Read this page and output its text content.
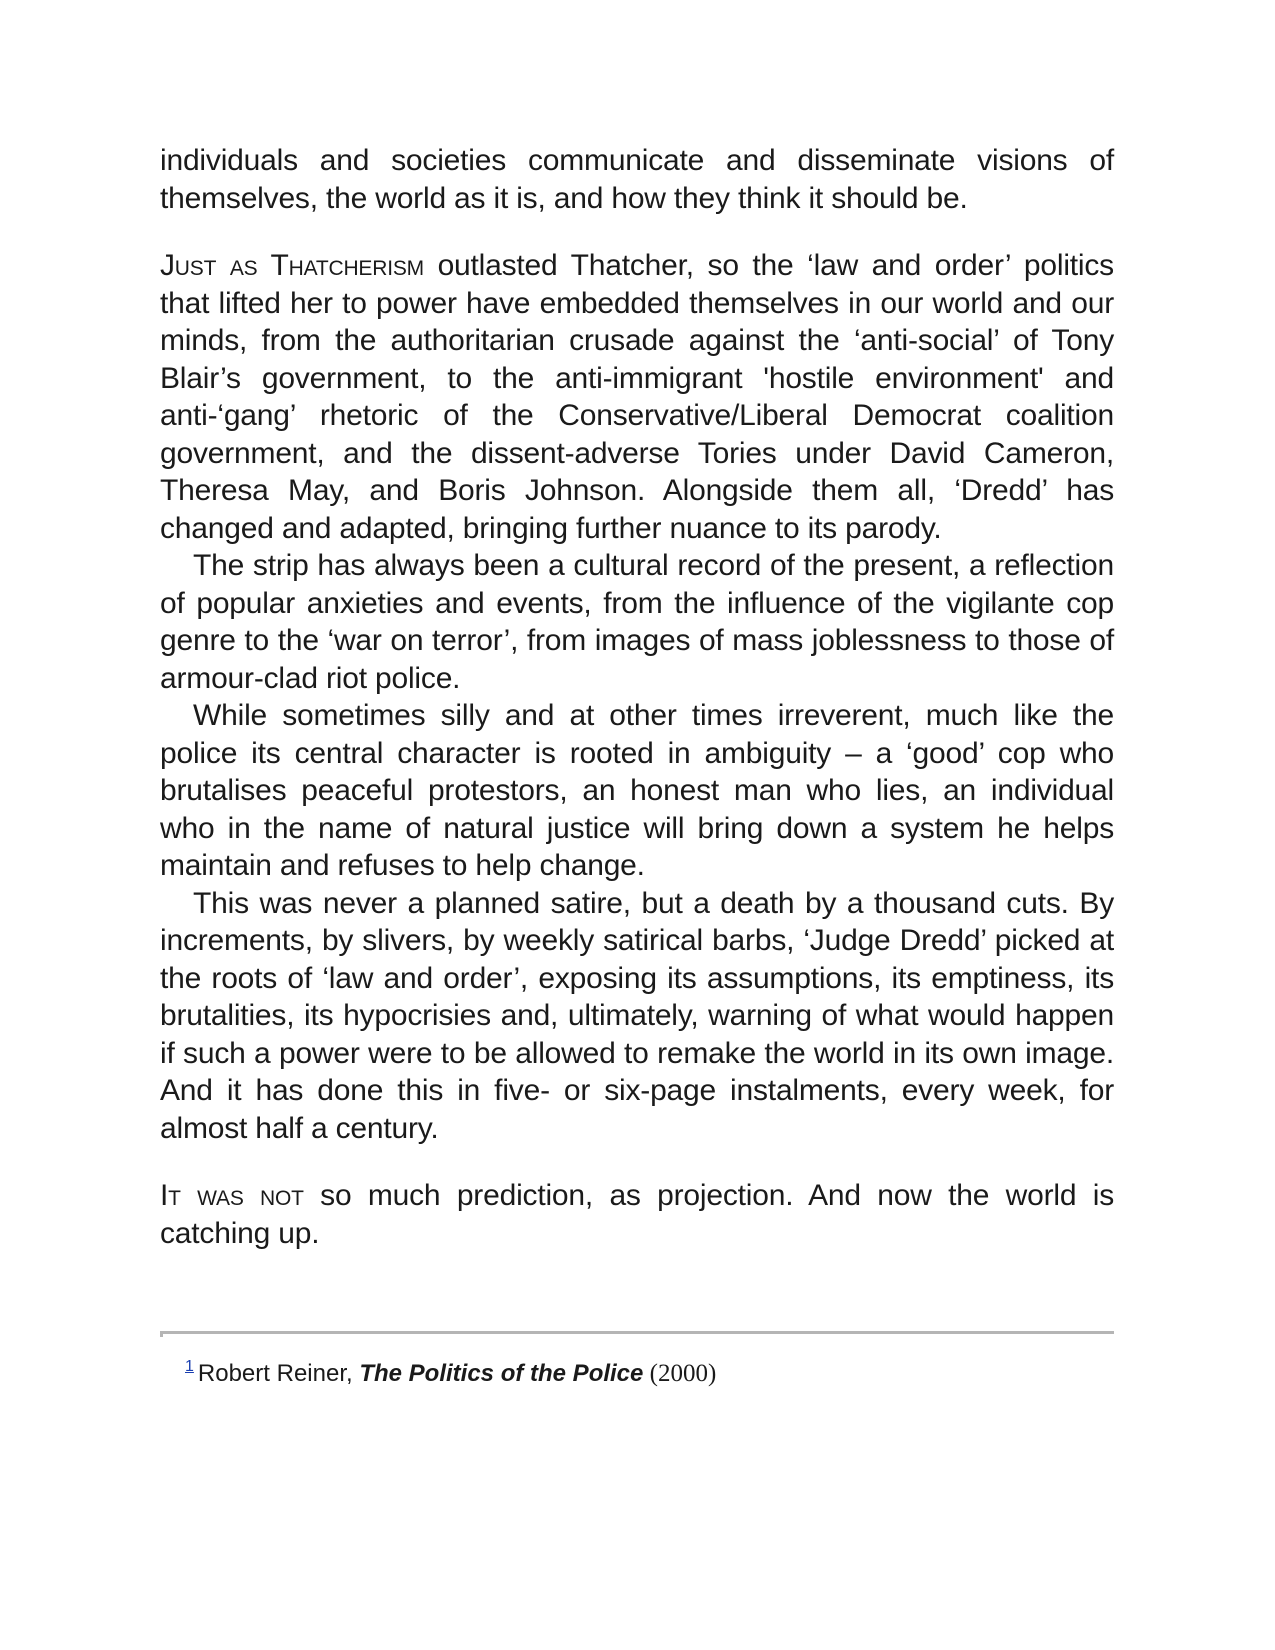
individuals and societies communicate and disseminate visions of themselves, the world as it is, and how they think it should be.

Just as Thatcherism outlasted Thatcher, so the ‘law and order’ politics that lifted her to power have embedded themselves in our world and our minds, from the authoritarian crusade against the ‘anti-social’ of Tony Blair’s government, to the anti-immigrant 'hostile environment' and anti-‘gang’ rhetoric of the Conservative/Liberal Democrat coalition government, and the dissent-adverse Tories under David Cameron, Theresa May, and Boris Johnson. Alongside them all, ‘Dredd’ has changed and adapted, bringing further nuance to its parody.

The strip has always been a cultural record of the present, a reflection of popular anxieties and events, from the influence of the vigilante cop genre to the ‘war on terror’, from images of mass joblessness to those of armour-clad riot police.

While sometimes silly and at other times irreverent, much like the police its central character is rooted in ambiguity – a ‘good’ cop who brutalises peaceful protestors, an honest man who lies, an individual who in the name of natural justice will bring down a system he helps maintain and refuses to help change.

This was never a planned satire, but a death by a thousand cuts. By increments, by slivers, by weekly satirical barbs, ‘Judge Dredd’ picked at the roots of ‘law and order’, exposing its assumptions, its emptiness, its brutalities, its hypocrisies and, ultimately, warning of what would happen if such a power were to be allowed to remake the world in its own image. And it has done this in five- or six-page instalments, every week, for almost half a century.

It was not so much prediction, as projection. And now the world is catching up.

$^1$ Robert Reiner, The Politics of the Police (2000)
